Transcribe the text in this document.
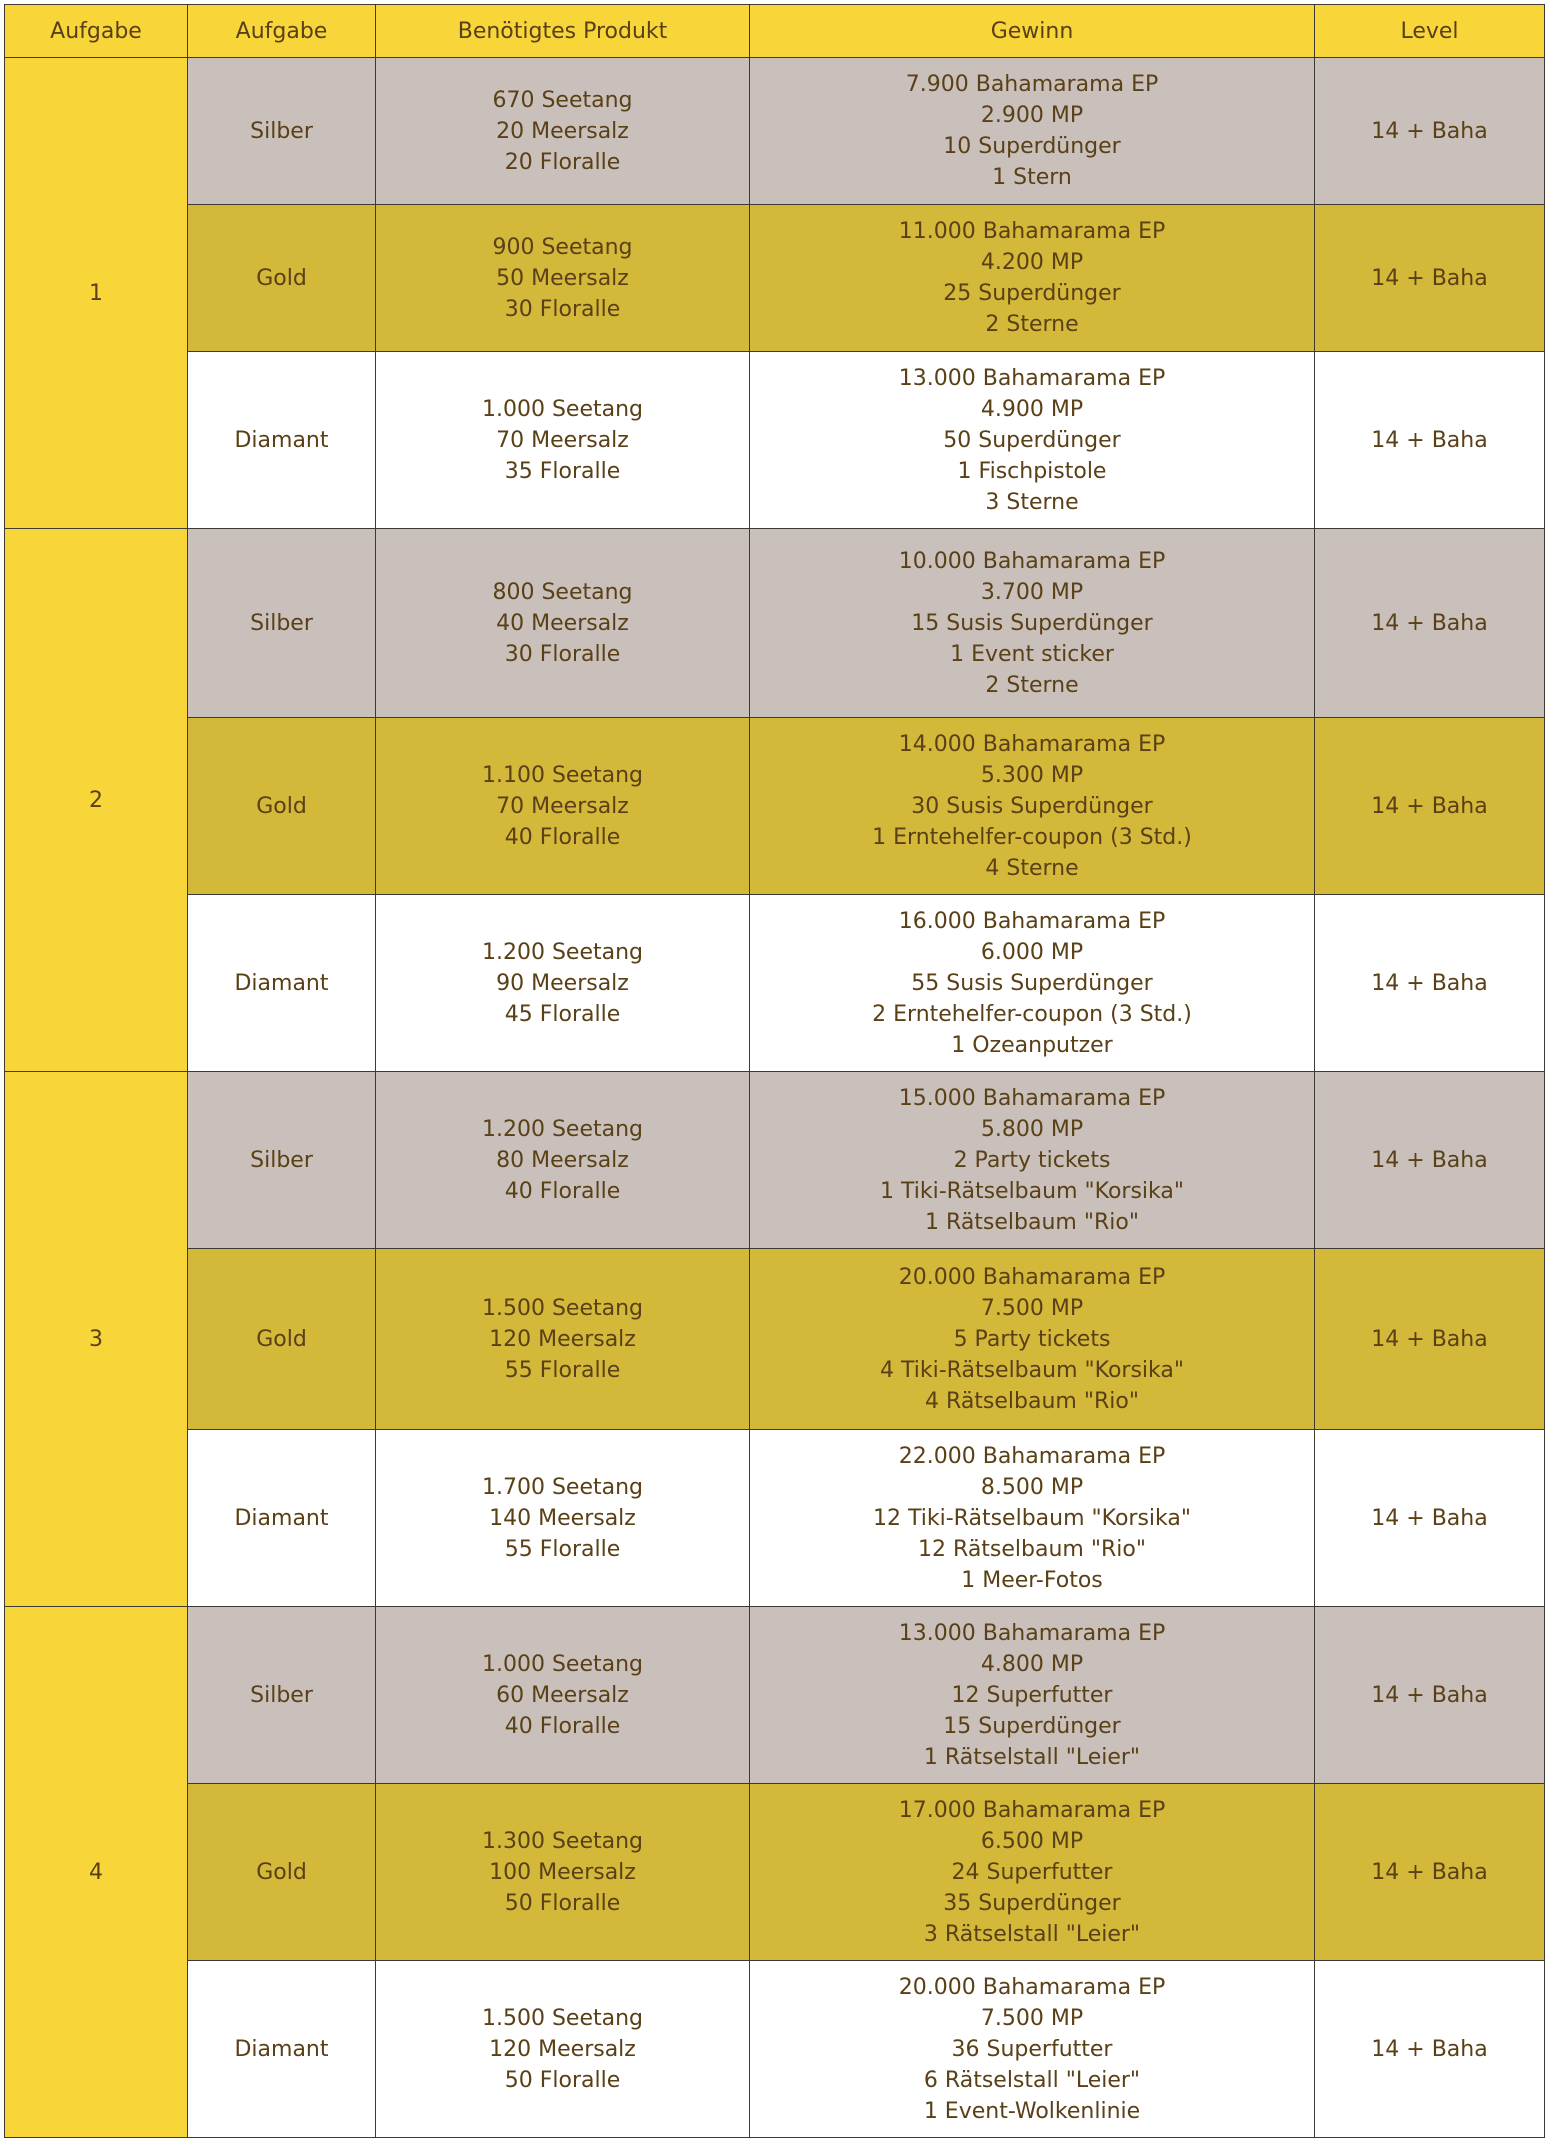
Aufgabe	Aufgabe	Benötigtes Produkt	Gewinn	Level
1	Silber	670 Seetang
20 Meersalz
20 Floralle	7.900 Bahamarama EP
2.900 MP
10 Superdünger
1 Stern	14 + Baha
	Gold	900 Seetang
50 Meersalz
30 Floralle	11.000 Bahamarama EP
4.200 MP
25 Superdünger
2 Sterne	14 + Baha
	Diamant	1.000 Seetang
70 Meersalz
35 Floralle	13.000 Bahamarama EP
4.900 MP
50 Superdünger
1 Fischpistole
3 Sterne	14 + Baha
2	Silber	800 Seetang
40 Meersalz
30 Floralle	10.000 Bahamarama EP
3.700 MP
15 Susis Superdünger
1 Event sticker
2 Sterne	14 + Baha
	Gold	1.100 Seetang
70 Meersalz
40 Floralle	14.000 Bahamarama EP
5.300 MP
30 Susis Superdünger
1 Erntehelfer-coupon (3 Std.)
4 Sterne	14 + Baha
	Diamant	1.200 Seetang
90 Meersalz
45 Floralle	16.000 Bahamarama EP
6.000 MP
55 Susis Superdünger
2 Erntehelfer-coupon (3 Std.)
1 Ozeanputzer	14 + Baha
3	Silber	1.200 Seetang
80 Meersalz
40 Floralle	15.000 Bahamarama EP
5.800 MP
2 Party tickets
1 Tiki-Rätselbaum "Korsika"
1 Rätselbaum "Rio"	14 + Baha
	Gold	1.500 Seetang
120 Meersalz
55 Floralle	20.000 Bahamarama EP
7.500 MP
5 Party tickets
4 Tiki-Rätselbaum "Korsika"
4 Rätselbaum "Rio"	14 + Baha
	Diamant	1.700 Seetang
140 Meersalz
55 Floralle	22.000 Bahamarama EP
8.500 MP
12 Tiki-Rätselbaum "Korsika"
12 Rätselbaum "Rio"
1 Meer-Fotos	14 + Baha
4	Silber	1.000 Seetang
60 Meersalz
40 Floralle	13.000 Bahamarama EP
4.800 MP
12 Superfutter
15 Superdünger
1 Rätselstall "Leier"	14 + Baha
	Gold	1.300 Seetang
100 Meersalz
50 Floralle	17.000 Bahamarama EP
6.500 MP
24 Superfutter
35 Superdünger
3 Rätselstall "Leier"	14 + Baha
	Diamant	1.500 Seetang
120 Meersalz
50 Floralle	20.000 Bahamarama EP
7.500 MP
36 Superfutter
6 Rätselstall "Leier"
1 Event-Wolkenlinie	14 + Baha
